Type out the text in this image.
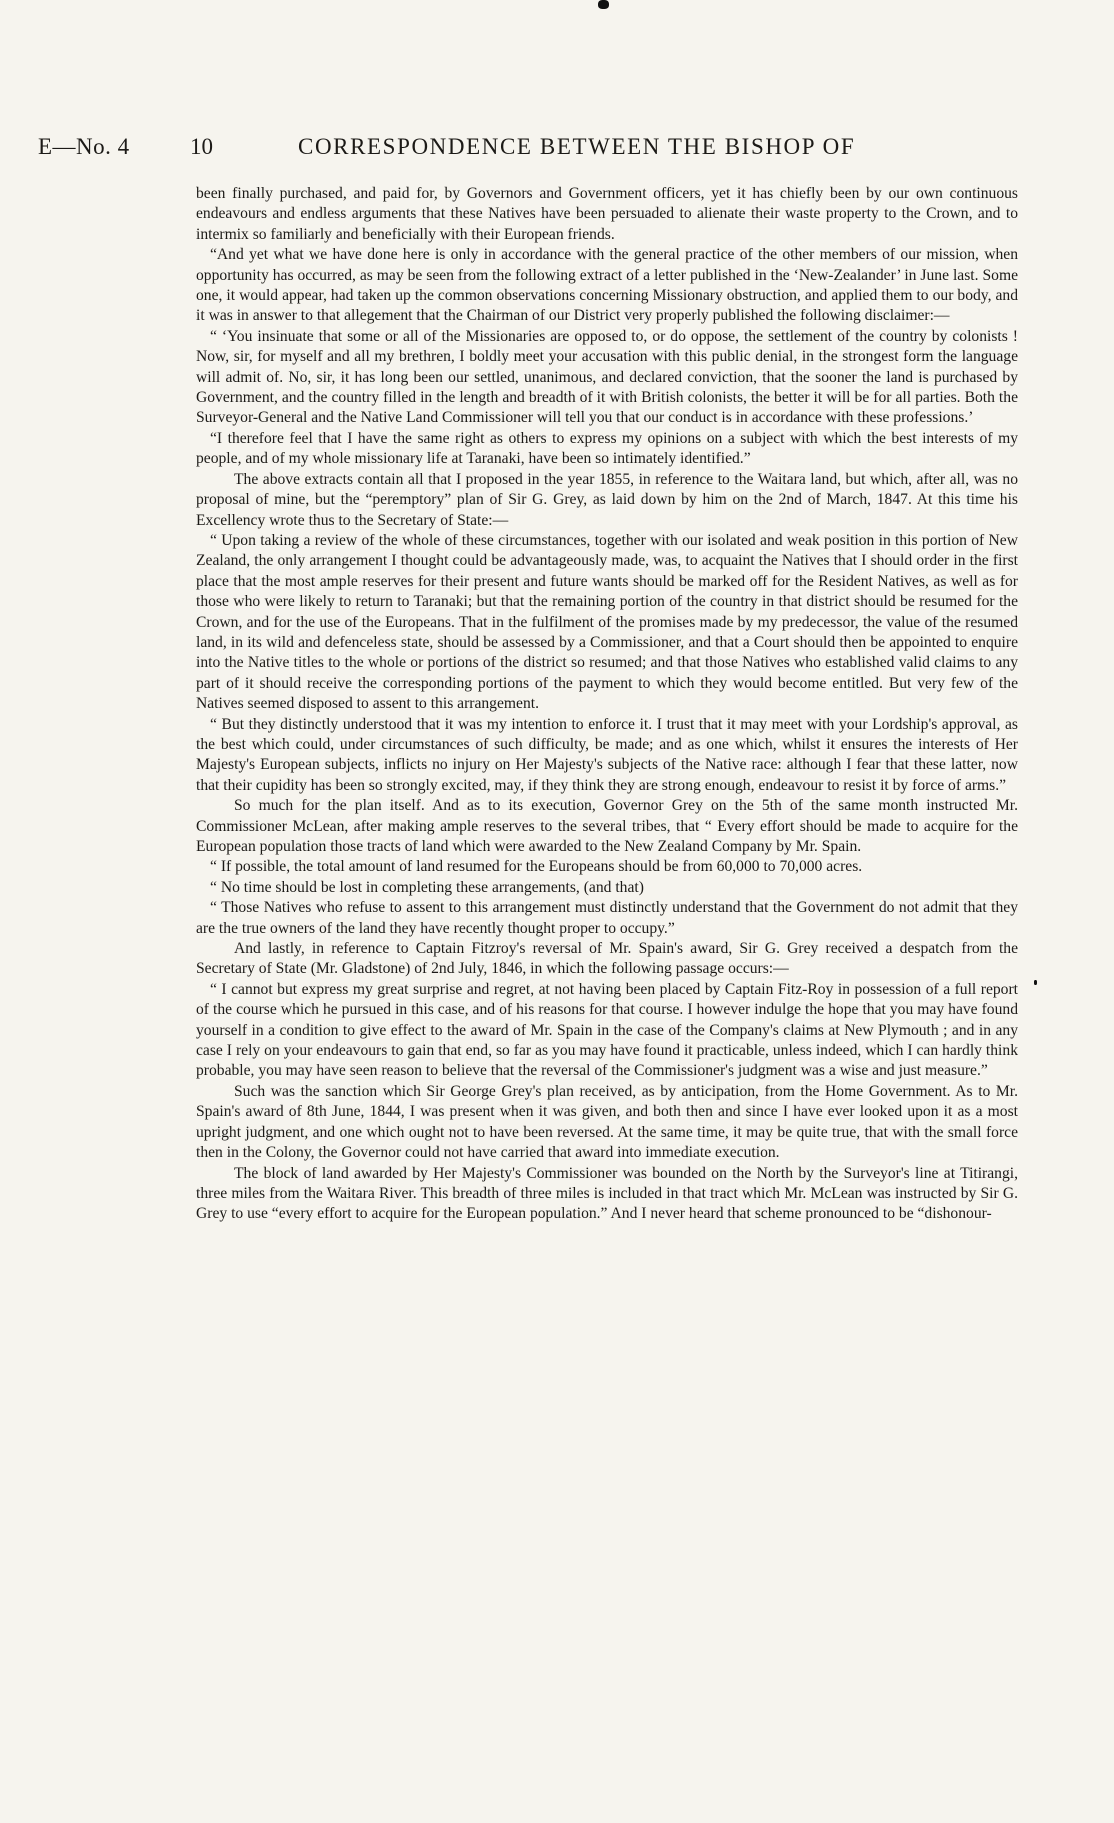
E—No. 4	10	CORRESPONDENCE BETWEEN THE BISHOP OF

been finally purchased, and paid for, by Governors and Government officers, yet it has chiefly been by our own continuous endeavours and endless arguments that these Natives have been persuaded to alienate their waste property to the Crown, and to intermix so familiarly and beneficially with their European friends.

“And yet what we have done here is only in accordance with the general practice of the other members of our mission, when opportunity has occurred, as may be seen from the following extract of a letter published in the ‘New-Zealander’ in June last. Some one, it would appear, had taken up the common observations concerning Missionary obstruction, and applied them to our body, and it was in answer to that allegement that the Chairman of our District very properly published the following disclaimer:—

“ ‘You insinuate that some or all of the Missionaries are opposed to, or do oppose, the settlement of the country by colonists ! Now, sir, for myself and all my brethren, I boldly meet your accusation with this public denial, in the strongest form the language will admit of. No, sir, it has long been our settled, unanimous, and declared conviction, that the sooner the land is purchased by Government, and the country filled in the length and breadth of it with British colonists, the better it will be for all parties. Both the Surveyor-General and the Native Land Commissioner will tell you that our conduct is in accordance with these professions.’

“I therefore feel that I have the same right as others to express my opinions on a subject with which the best interests of my people, and of my whole missionary life at Taranaki, have been so intimately identified.”

The above extracts contain all that I proposed in the year 1855, in reference to the Waitara land, but which, after all, was no proposal of mine, but the “peremptory” plan of Sir G. Grey, as laid down by him on the 2nd of March, 1847. At this time his Excellency wrote thus to the Secretary of State:—

“ Upon taking a review of the whole of these circumstances, together with our isolated and weak position in this portion of New Zealand, the only arrangement I thought could be advantageously made, was, to acquaint the Natives that I should order in the first place that the most ample reserves for their present and future wants should be marked off for the Resident Natives, as well as for those who were likely to return to Taranaki; but that the remaining portion of the country in that district should be resumed for the Crown, and for the use of the Europeans. That in the fulfilment of the promises made by my predecessor, the value of the resumed land, in its wild and defenceless state, should be assessed by a Commissioner, and that a Court should then be appointed to enquire into the Native titles to the whole or portions of the district so resumed; and that those Natives who established valid claims to any part of it should receive the corresponding portions of the payment to which they would become entitled. But very few of the Natives seemed disposed to assent to this arrangement.

“ But they distinctly understood that it was my intention to enforce it. I trust that it may meet with your Lordship's approval, as the best which could, under circumstances of such difficulty, be made; and as one which, whilst it ensures the interests of Her Majesty's European subjects, inflicts no injury on Her Majesty's subjects of the Native race: although I fear that these latter, now that their cupidity has been so strongly excited, may, if they think they are strong enough, endeavour to resist it by force of arms.”

So much for the plan itself. And as to its execution, Governor Grey on the 5th of the same month instructed Mr. Commissioner McLean, after making ample reserves to the several tribes, that “ Every effort should be made to acquire for the European population those tracts of land which were awarded to the New Zealand Company by Mr. Spain.

“ If possible, the total amount of land resumed for the Europeans should be from 60,000 to 70,000 acres.

“ No time should be lost in completing these arrangements, (and that)

“ Those Natives who refuse to assent to this arrangement must distinctly understand that the Government do not admit that they are the true owners of the land they have recently thought proper to occupy.”

And lastly, in reference to Captain Fitzroy's reversal of Mr. Spain's award, Sir G. Grey received a despatch from the Secretary of State (Mr. Gladstone) of 2nd July, 1846, in which the following passage occurs:—

“ I cannot but express my great surprise and regret, at not having been placed by Captain Fitz-Roy in possession of a full report of the course which he pursued in this case, and of his reasons for that course. I however indulge the hope that you may have found yourself in a condition to give effect to the award of Mr. Spain in the case of the Company's claims at New Plymouth ; and in any case I rely on your endeavours to gain that end, so far as you may have found it practicable, unless indeed, which I can hardly think probable, you may have seen reason to believe that the reversal of the Commissioner's judgment was a wise and just measure.”

Such was the sanction which Sir George Grey's plan received, as by anticipation, from the Home Government. As to Mr. Spain's award of 8th June, 1844, I was present when it was given, and both then and since I have ever looked upon it as a most upright judgment, and one which ought not to have been reversed. At the same time, it may be quite true, that with the small force then in the Colony, the Governor could not have carried that award into immediate execution.

The block of land awarded by Her Majesty's Commissioner was bounded on the North by the Surveyor's line at Titirangi, three miles from the Waitara River. This breadth of three miles is included in that tract which Mr. McLean was instructed by Sir G. Grey to use “every effort to acquire for the European population.” And I never heard that scheme pronounced to be “dishonour-
